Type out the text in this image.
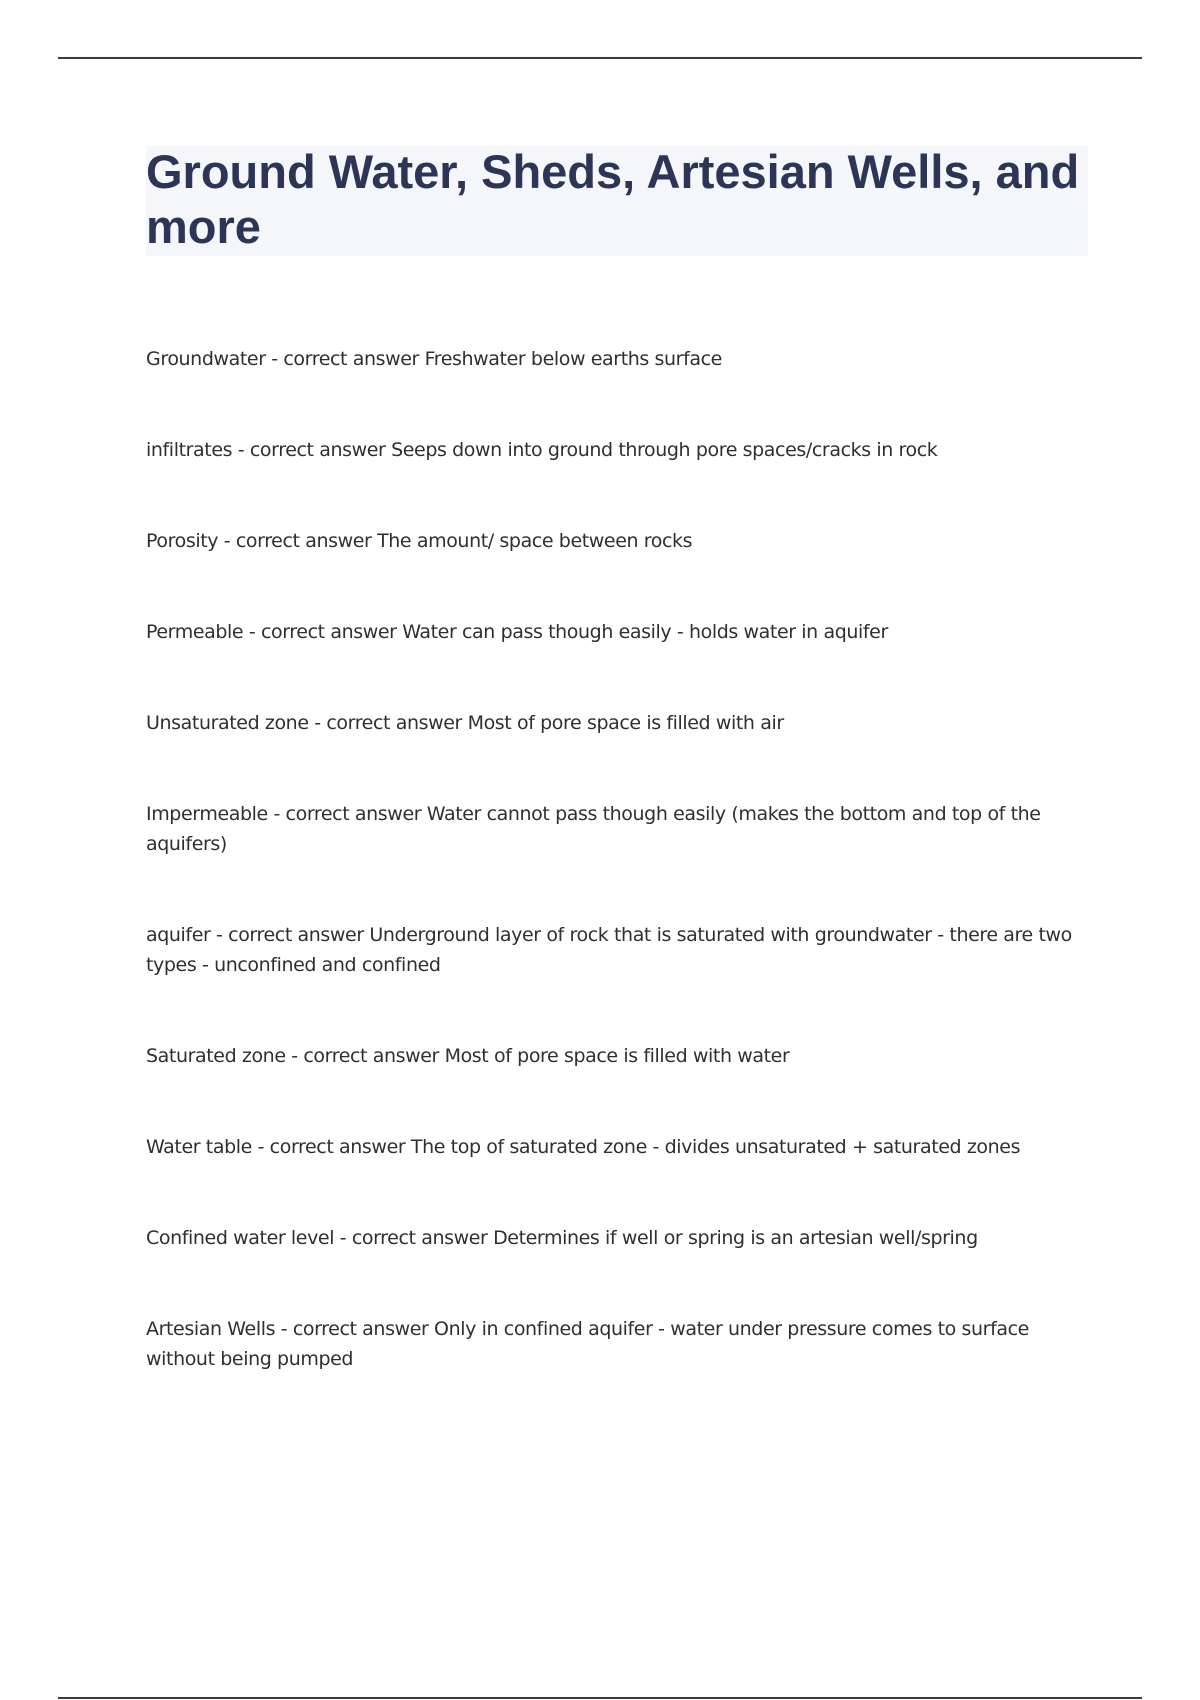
Ground Water, Sheds, Artesian Wells, and more
Groundwater - correct answer Freshwater below earths surface
infiltrates - correct answer Seeps down into ground through pore spaces/cracks in rock
Porosity - correct answer The amount/ space between rocks
Permeable - correct answer Water can pass though easily - holds water in aquifer
Unsaturated zone - correct answer Most of pore space is filled with air
Impermeable - correct answer Water cannot pass though easily (makes the bottom and top of the aquifers)
aquifer - correct answer Underground layer of rock that is saturated with groundwater - there are two types - unconfined and confined
Saturated zone - correct answer Most of pore space is filled with water
Water table - correct answer The top of saturated zone - divides unsaturated + saturated zones
Confined water level - correct answer Determines if well or spring is an artesian well/spring
Artesian Wells - correct answer Only in confined aquifer - water under pressure comes to surface without being pumped
